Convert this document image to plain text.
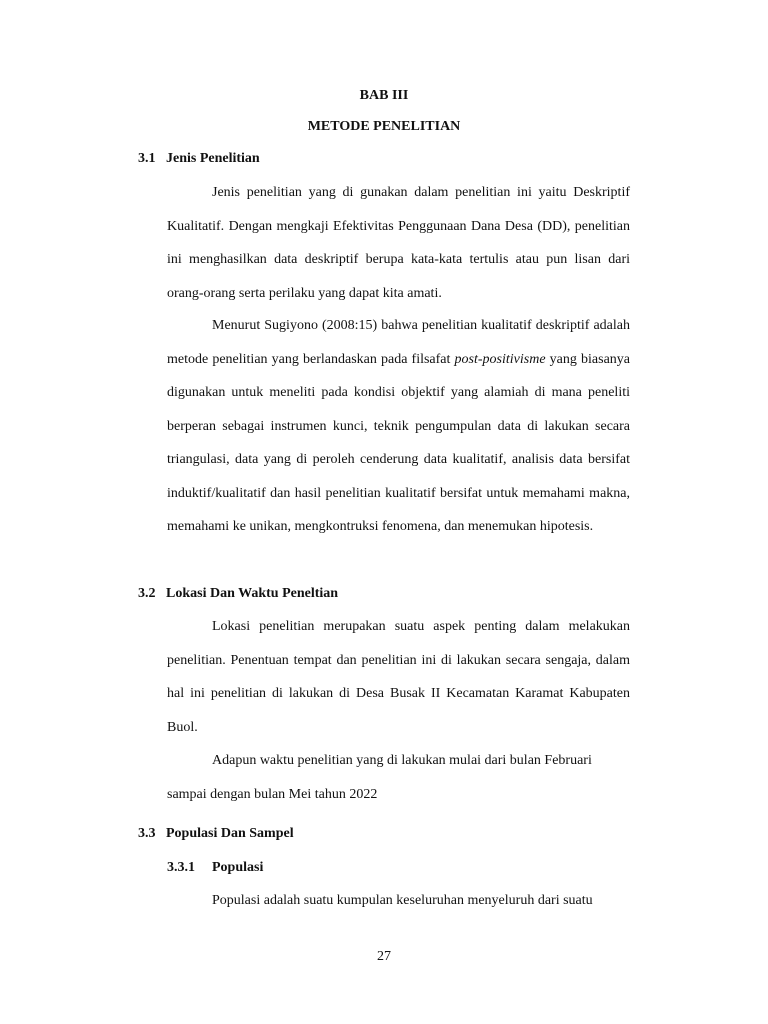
BAB III

METODE PENELITIAN

3.1 Jenis Penelitian

Jenis penelitian yang di gunakan dalam penelitian ini yaitu Deskriptif Kualitatif. Dengan mengkaji Efektivitas Penggunaan Dana Desa (DD), penelitian ini menghasilkan data deskriptif berupa kata-kata tertulis atau pun lisan dari orang-orang serta perilaku yang dapat kita amati.

Menurut Sugiyono (2008:15) bahwa penelitian kualitatif deskriptif adalah metode penelitian yang berlandaskan pada filsafat post-positivisme yang biasanya digunakan untuk meneliti pada kondisi objektif yang alamiah di mana peneliti berperan sebagai instrumen kunci, teknik pengumpulan data di lakukan secara triangulasi, data yang di peroleh cenderung data kualitatif, analisis data bersifat induktif/kualitatif dan hasil penelitian kualitatif bersifat untuk memahami makna, memahami ke unikan, mengkontruksi fenomena, dan menemukan hipotesis.

3.2 Lokasi Dan Waktu Peneltian

Lokasi penelitian merupakan suatu aspek penting dalam melakukan penelitian. Penentuan tempat dan penelitian ini di lakukan secara sengaja, dalam hal ini penelitian di lakukan di Desa Busak II Kecamatan Karamat Kabupaten Buol.

Adapun waktu penelitian yang di lakukan mulai dari bulan Februari sampai dengan bulan Mei tahun 2022

3.3 Populasi Dan Sampel

3.3.1 Populasi

Populasi adalah suatu kumpulan keseluruhan menyeluruh dari suatu

27
